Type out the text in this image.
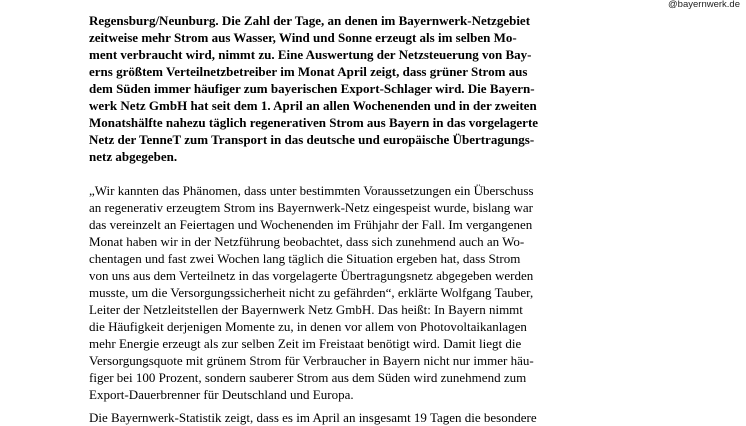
@bayernwerk.de
Regensburg/Neunburg. Die Zahl der Tage, an denen im Bayernwerk-Netzgebiet
zeitweise mehr Strom aus Wasser, Wind und Sonne erzeugt als im selben Mo-
ment verbraucht wird, nimmt zu. Eine Auswertung der Netzsteuerung von Bay-
erns größtem Verteilnetzbetreiber im Monat April zeigt, dass grüner Strom aus
dem Süden immer häufiger zum bayerischen Export-Schlager wird. Die Bayern-
werk Netz GmbH hat seit dem 1. April an allen Wochenenden und in der zweiten
Monatshälfte nahezu täglich regenerativen Strom aus Bayern in das vorgelagerte
Netz der TenneT zum Transport in das deutsche und europäische Übertragungs-
netz abgegeben.
„Wir kannten das Phänomen, dass unter bestimmten Voraussetzungen ein Überschuss
an regenerativ erzeugtem Strom ins Bayernwerk-Netz eingespeist wurde, bislang war
das vereinzelt an Feiertagen und Wochenenden im Frühjahr der Fall. Im vergangenen
Monat haben wir in der Netzführung beobachtet, dass sich zunehmend auch an Wo-
chentagen und fast zwei Wochen lang täglich die Situation ergeben hat, dass Strom
von uns aus dem Verteilnetz in das vorgelagerte Übertragungsnetz abgegeben werden
musste, um die Versorgungssicherheit nicht zu gefährden“, erklärte Wolfgang Tauber,
Leiter der Netzleitstellen der Bayernwerk Netz GmbH. Das heißt: In Bayern nimmt
die Häufigkeit derjenigen Momente zu, in denen vor allem von Photovoltaikanlagen
mehr Energie erzeugt als zur selben Zeit im Freistaat benötigt wird. Damit liegt die
Versorgungsquote mit grünem Strom für Verbraucher in Bayern nicht nur immer häu-
figer bei 100 Prozent, sondern sauberer Strom aus dem Süden wird zunehmend zum
Export-Dauerbrenner für Deutschland und Europa.
Die Bayernwerk-Statistik zeigt, dass es im April an insgesamt 19 Tagen die besondere
